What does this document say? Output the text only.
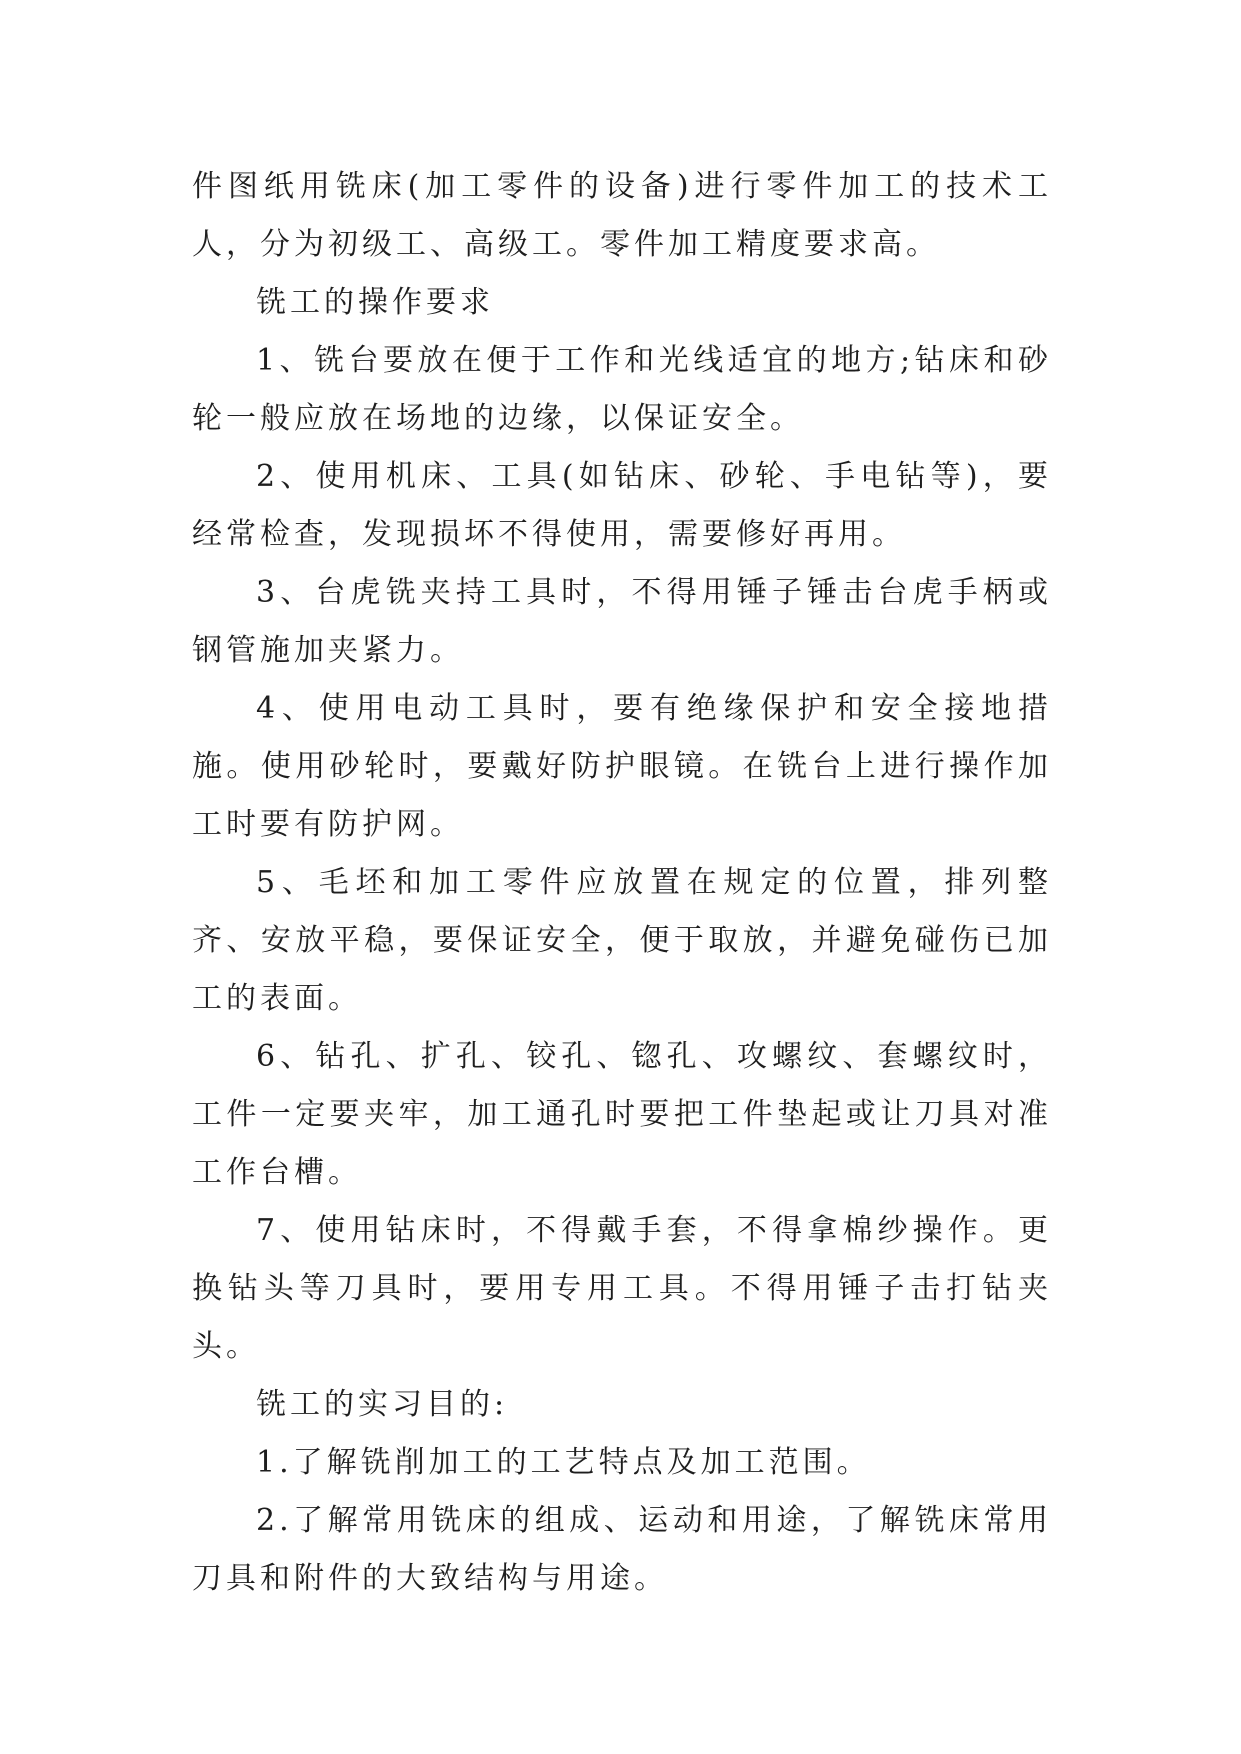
件图纸用铣床(加工零件的设备)进行零件加工的技术工人，分为初级工、高级工。零件加工精度要求高。

铣工的操作要求

1、铣台要放在便于工作和光线适宜的地方;钻床和砂轮一般应放在场地的边缘，以保证安全。

2、使用机床、工具(如钻床、砂轮、手电钻等)，要经常检查，发现损坏不得使用，需要修好再用。

3、台虎铣夹持工具时，不得用锤子锤击台虎手柄或钢管施加夹紧力。

4、使用电动工具时，要有绝缘保护和安全接地措施。使用砂轮时，要戴好防护眼镜。在铣台上进行操作加工时要有防护网。

5、毛坯和加工零件应放置在规定的位置，排列整齐、安放平稳，要保证安全，便于取放，并避免碰伤已加工的表面。

6、钻孔、扩孔、铰孔、锪孔、攻螺纹、套螺纹时，工件一定要夹牢，加工通孔时要把工件垫起或让刀具对准工作台槽。

7、使用钻床时，不得戴手套，不得拿棉纱操作。更换钻头等刀具时，要用专用工具。不得用锤子击打钻夹头。

铣工的实习目的:

1.了解铣削加工的工艺特点及加工范围。

2.了解常用铣床的组成、运动和用途，了解铣床常用刀具和附件的大致结构与用途。
